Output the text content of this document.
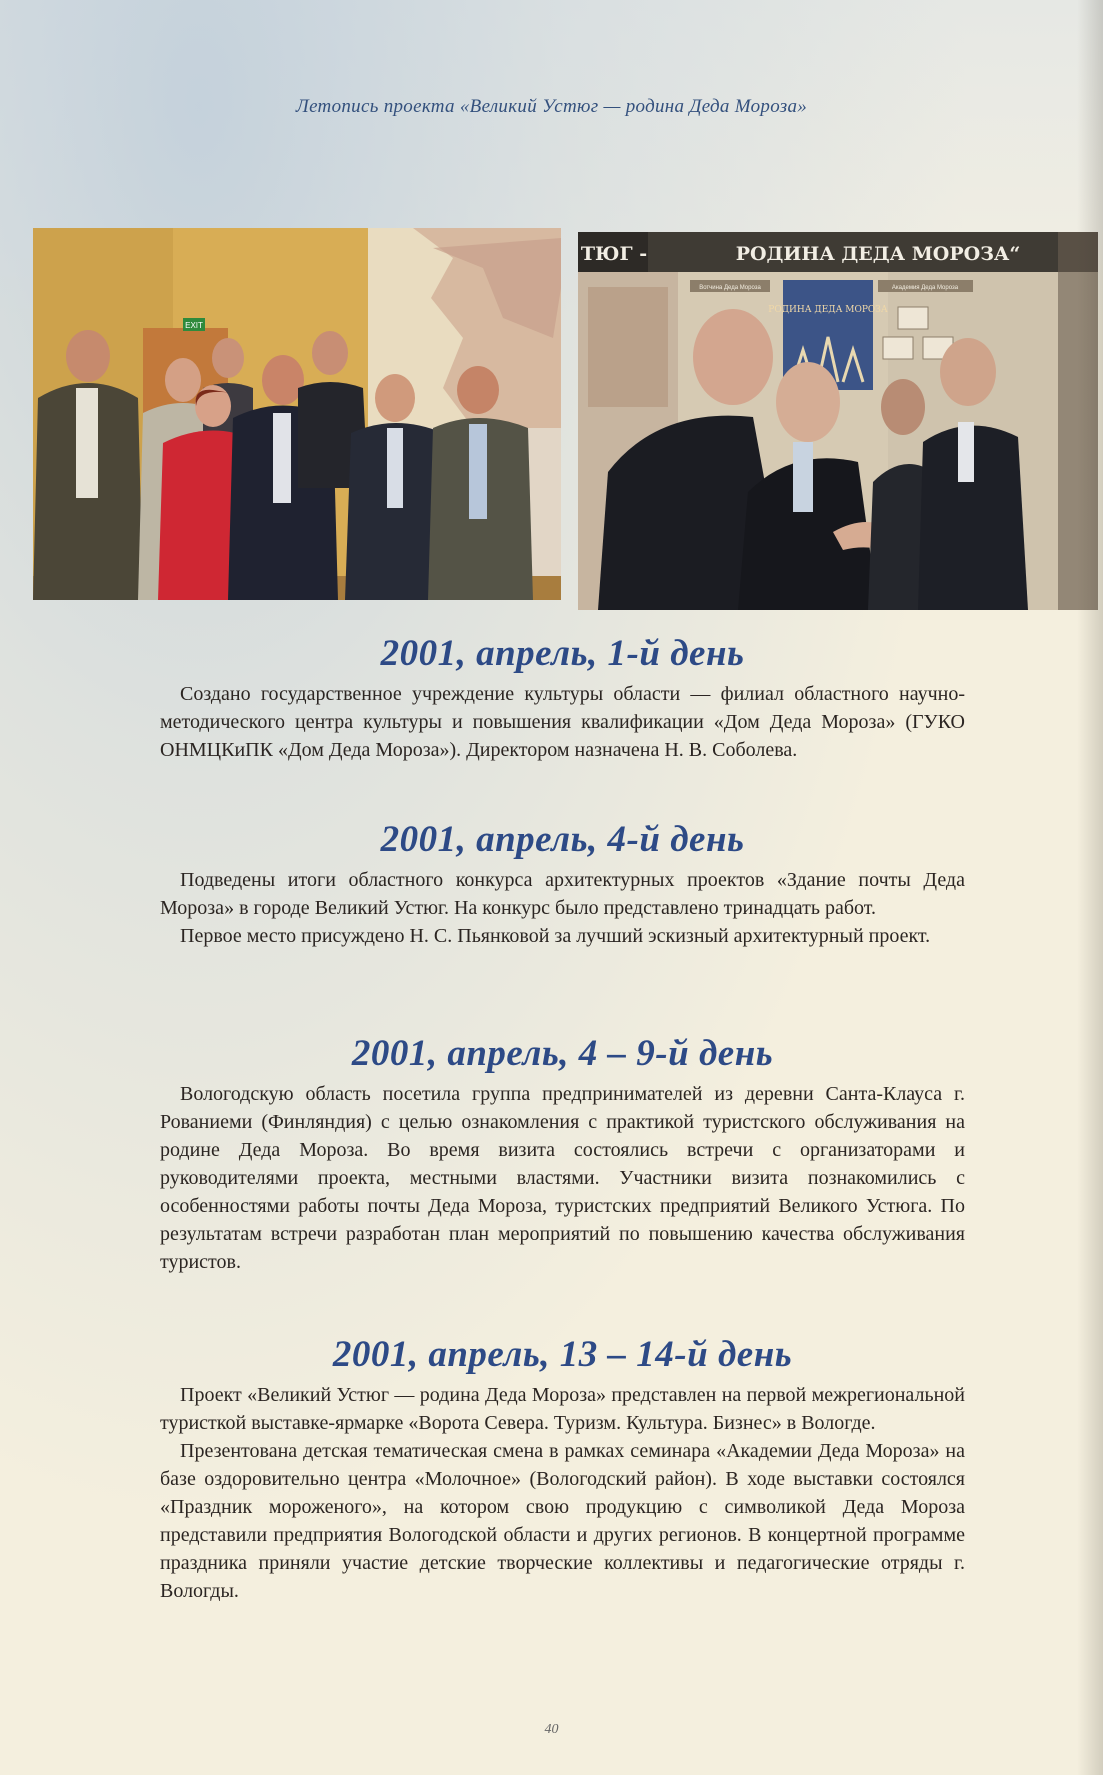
Летопись проекта «Великий Устюг — родина Деда Мороза»
EXIT
ТЮГ -	РОДИНА ДЕДА МОРОЗА“
Вотчина Деда Мороза
РОДИНА ДЕДА МОРОЗА
Академия Деда Мороза
2001, апрель, 1-й день

Создано государственное учреждение культуры области — филиал областного научно-методического центра культуры и повышения квалификации «Дом Деда Мороза» (ГУКО ОНМЦКиПК «Дом Деда Мороза»). Директором назначена Н. В. Соболева.

2001, апрель, 4-й день

Подведены итоги областного конкурса архитектурных проектов «Здание почты Деда Мороза» в городе Великий Устюг. На конкурс было представлено тринадцать работ.

Первое место присуждено Н. С. Пьянковой за лучший эскизный архитектурный проект.

2001, апрель, 4 – 9-й день

Вологодскую область посетила группа предпринимателей из деревни Санта-Клауса г. Рованиеми (Финляндия) с целью ознакомления с практикой туристского обслуживания на родине Деда Мороза. Во время визита состоялись встречи с организаторами и руководителями проекта, местными властями. Участники визита познакомились с особенностями работы почты Деда Мороза, туристских предприятий Великого Устюга. По результатам встречи разработан план мероприятий по повышению качества обслуживания туристов.

2001, апрель, 13 – 14-й день

Проект «Великий Устюг — родина Деда Мороза» представлен на первой межрегиональной туристкой выставке-ярмарке «Ворота Севера. Туризм. Культура. Бизнес» в Вологде.

Презентована детская тематическая смена в рамках семинара «Академии Деда Мороза» на базе оздоровительно центра «Молочное» (Вологодский район). В ходе выставки состоялся «Праздник мороженого», на котором свою продукцию с символикой Деда Мороза представили предприятия Вологодской области и других регионов. В концертной программе праздника приняли участие детские творческие коллективы и педагогические отряды г. Вологды.

40
